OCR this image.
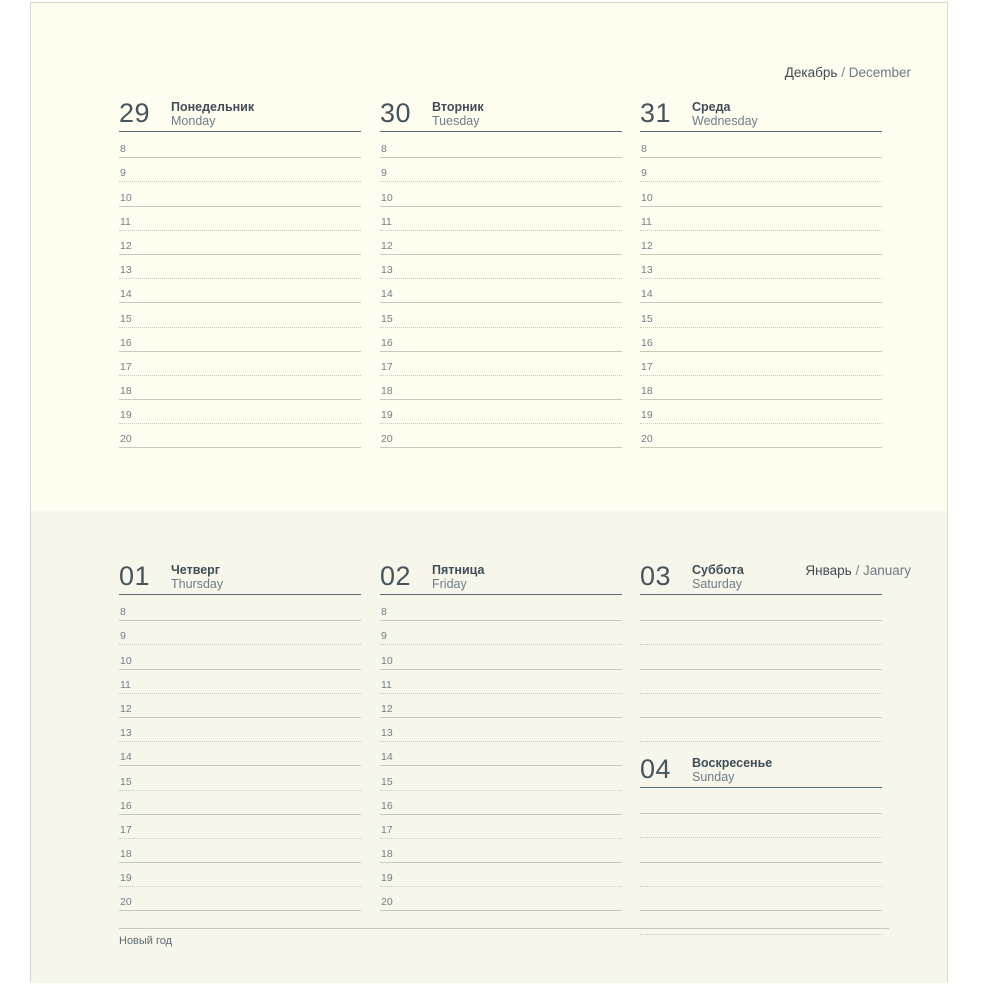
Декабрь / December
29 Понедельник
Monday
8
9
10
11
12
13
14
15
16
17
18
19
20
30 Вторник
Tuesday
8
9
10
11
12
13
14
15
16
17
18
19
20
31 Среда
Wednesday
8
9
10
11
12
13
14
15
16
17
18
19
20
Январь / January
01 Четверг
Thursday
8
9
10
11
12
13
14
15
16
17
18
19
20
02 Пятница
Friday
8
9
10
11
12
13
14
15
16
17
18
19
20
03 Суббота
Saturday
04 Воскресенье
Sunday
Новый год
